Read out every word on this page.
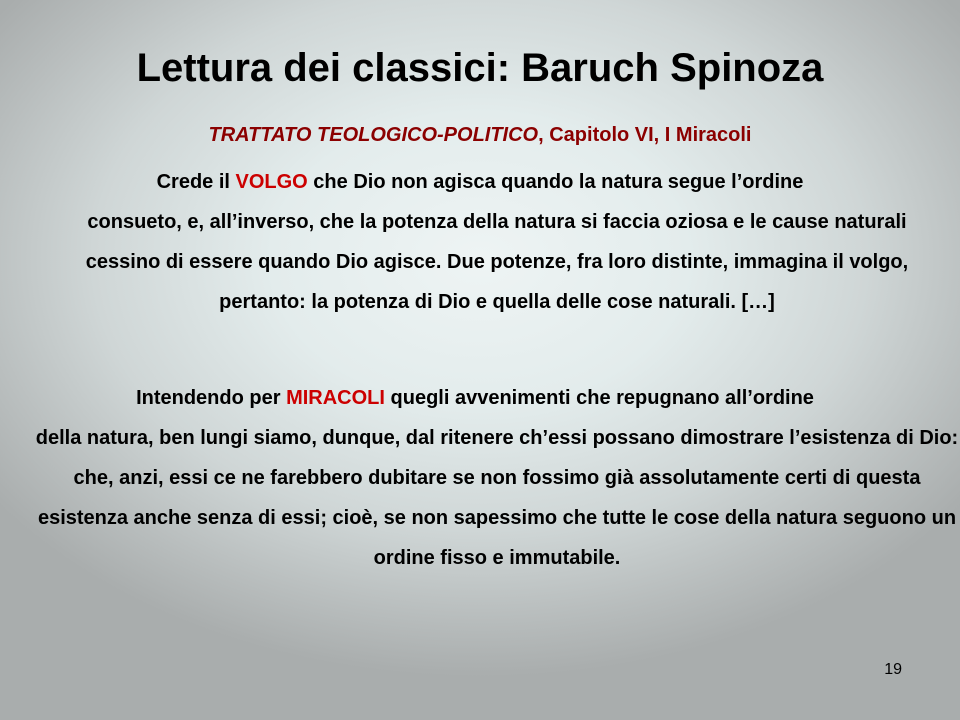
Lettura dei classici: Baruch Spinoza
TRATTATO TEOLOGICO-POLITICO, Capitolo VI, I Miracoli
Crede il VOLGO che Dio non agisca quando la natura segue l’ordine
consueto, e, all’inverso, che la potenza della natura si faccia oziosa e le cause naturali cessino di essere quando Dio agisce. Due potenze, fra loro distinte, immagina il volgo, pertanto: la potenza di Dio e quella delle cose naturali. […]
Intendendo per MIRACOLI quegli avvenimenti che repugnano all’ordine
della natura, ben lungi siamo, dunque, dal ritenere ch’essi possano dimostrare l’esistenza di Dio: che, anzi, essi ce ne farebbero dubitare se non fossimo già assolutamente certi di questa esistenza anche senza di essi; cioè, se non sapessimo che tutte le cose della natura seguono un ordine fisso e immutabile.
19
